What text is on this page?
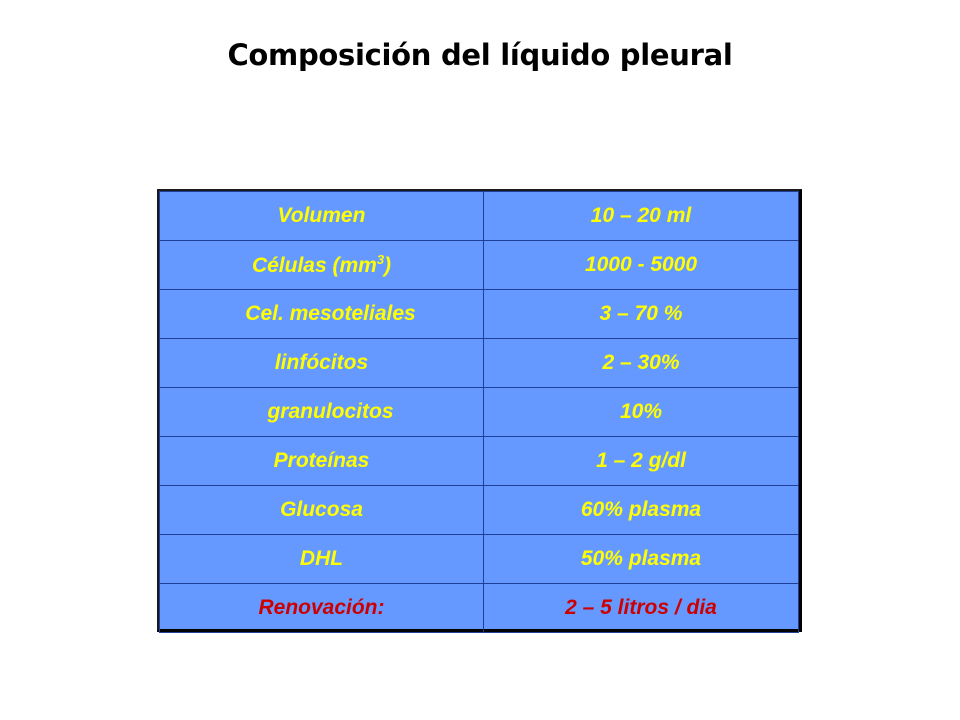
Composición del líquido pleural
Volumen	10 – 20 ml
Células $(mm^3)$	1000 - 5000
Cel. mesoteliales	3 – 70 %
linfócitos	2 – 30%
granulocitos	10%
Proteínas	1 – 2 g/dl
Glucosa	60% plasma
DHL	50% plasma
Renovación:	2 – 5 litros / dia
